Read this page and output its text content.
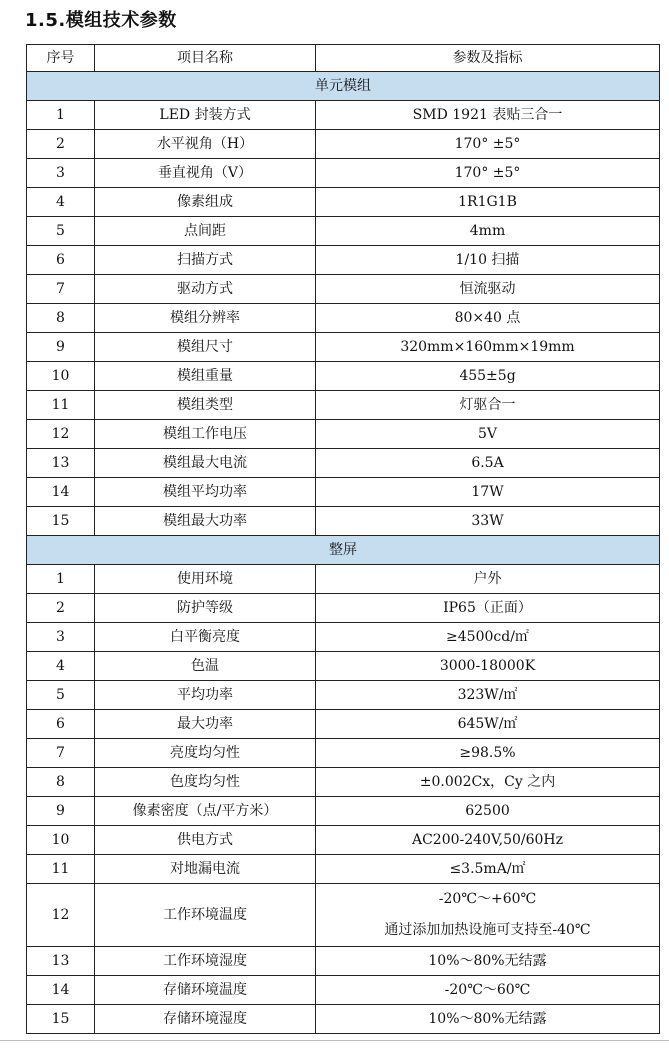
1.5.模组技术参数
序号	项目名称	参数及指标
单元模组		
1	LED 封装方式	SMD 1921 表贴三合一
2	水平视角（H）	170° ±5°
3	垂直视角（V）	170° ±5°
4	像素组成	1R1G1B
5	点间距	4mm
6	扫描方式	1/10 扫描
7	驱动方式	恒流驱动
8	模组分辨率	80×40 点
9	模组尺寸	320mm×160mm×19mm
10	模组重量	455±5g
11	模组类型	灯驱合一
12	模组工作电压	5V
13	模组最大电流	6.5A
14	模组平均功率	17W
15	模组最大功率	33W
整屏		
1	使用环境	户外
2	防护等级	IP65（正面）
3	白平衡亮度	≥4500cd/㎡
4	色温	3000-18000K
5	平均功率	323W/㎡
6	最大功率	645W/㎡
7	亮度均匀性	≥98.5%
8	色度均匀性	±0.002Cx，Cy 之内
9	像素密度（点/平方米）	62500
10	供电方式	AC200-240V,50/60Hz
11	对地漏电流	≤3.5mA/㎡
12	工作环境温度	-20℃～+60℃
通过添加加热设施可支持至-40℃

13	工作环境湿度	10%～80%无结露
14	存储环境温度	-20℃～60℃
15	存储环境湿度	10%～80%无结露
